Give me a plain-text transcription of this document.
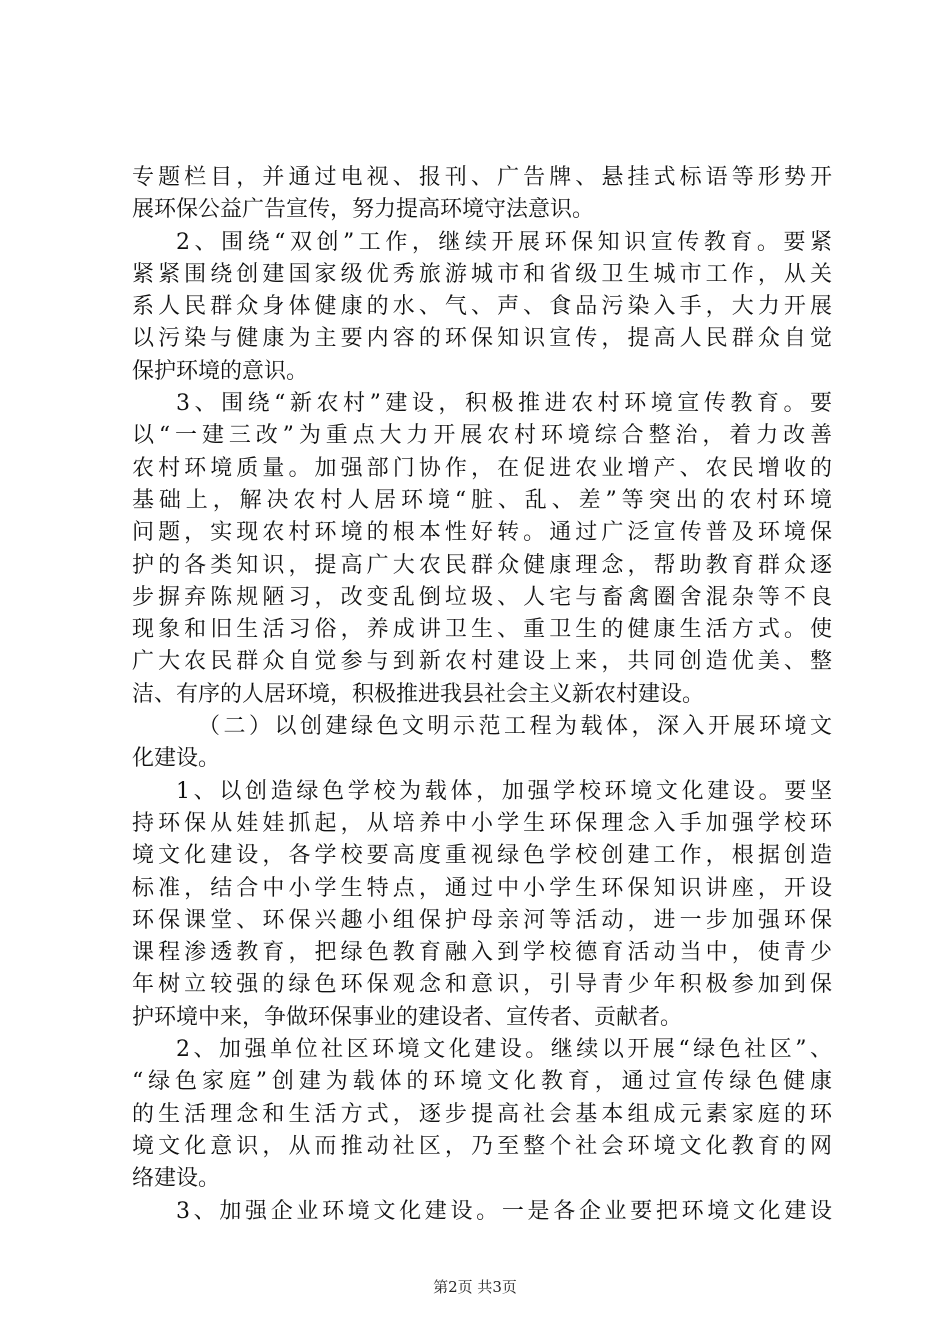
专题栏目，并通过电视、报刊、广告牌、悬挂式标语等形势开
展环保公益广告宣传，努力提高环境守法意识。
2、围绕“双创”工作，继续开展环保知识宣传教育。要紧
紧紧围绕创建国家级优秀旅游城市和省级卫生城市工作，从关
系人民群众身体健康的水、气、声、食品污染入手，大力开展
以污染与健康为主要内容的环保知识宣传，提高人民群众自觉
保护环境的意识。
3、围绕“新农村”建设，积极推进农村环境宣传教育。要
以“一建三改”为重点大力开展农村环境综合整治，着力改善
农村环境质量。加强部门协作，在促进农业增产、农民增收的
基础上，解决农村人居环境“脏、乱、差”等突出的农村环境
问题，实现农村环境的根本性好转。通过广泛宣传普及环境保
护的各类知识，提高广大农民群众健康理念，帮助教育群众逐
步摒弃陈规陋习，改变乱倒垃圾、人宅与畜禽圈舍混杂等不良
现象和旧生活习俗，养成讲卫生、重卫生的健康生活方式。使
广大农民群众自觉参与到新农村建设上来，共同创造优美、整
洁、有序的人居环境，积极推进我县社会主义新农村建设。
（二）以创建绿色文明示范工程为载体，深入开展环境文
化建设。
1、以创造绿色学校为载体，加强学校环境文化建设。要坚
持环保从娃娃抓起，从培养中小学生环保理念入手加强学校环
境文化建设，各学校要高度重视绿色学校创建工作，根据创造
标准，结合中小学生特点，通过中小学生环保知识讲座，开设
环保课堂、环保兴趣小组保护母亲河等活动，进一步加强环保
课程渗透教育，把绿色教育融入到学校德育活动当中，使青少
年树立较强的绿色环保观念和意识，引导青少年积极参加到保
护环境中来，争做环保事业的建设者、宣传者、贡献者。
2、加强单位社区环境文化建设。继续以开展“绿色社区”、
“绿色家庭”创建为载体的环境文化教育，通过宣传绿色健康
的生活理念和生活方式，逐步提高社会基本组成元素家庭的环
境文化意识，从而推动社区，乃至整个社会环境文化教育的网
络建设。
3、加强企业环境文化建设。一是各企业要把环境文化建设
第2页 共3页
